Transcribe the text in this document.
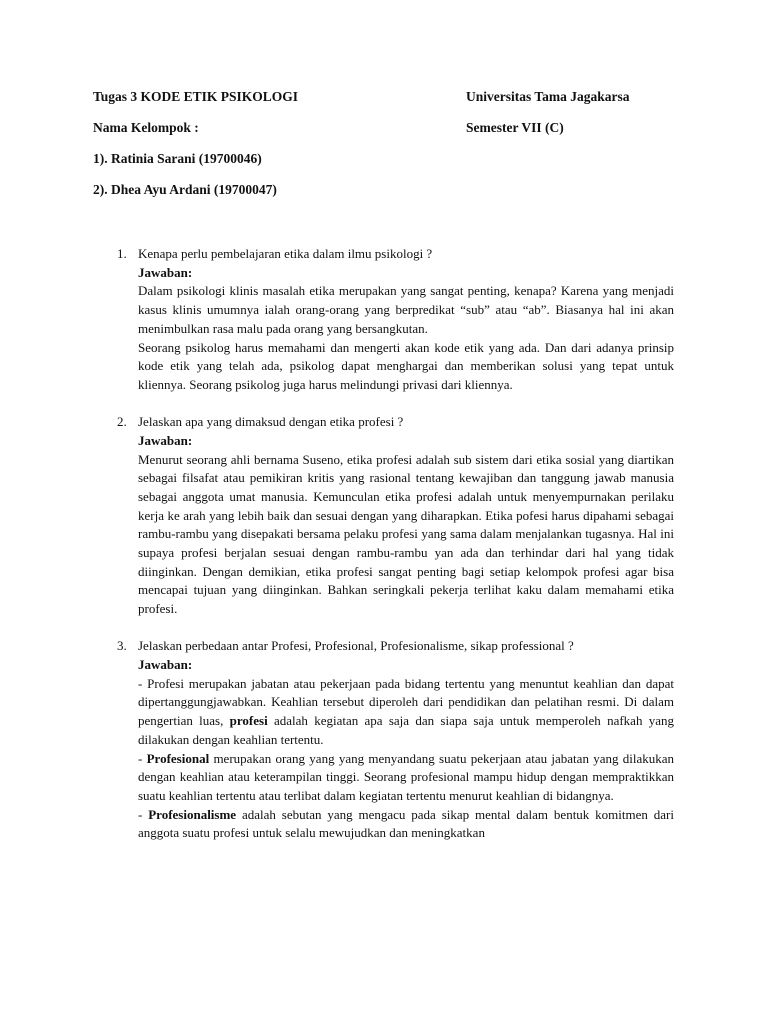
Tugas 3 KODE ETIK PSIKOLOGI	Universitas Tama Jagakarsa
Nama Kelompok :	Semester VII (C)
1). Ratinia Sarani (19700046)
2). Dhea Ayu Ardani (19700047)
1. Kenapa perlu pembelajaran etika dalam ilmu psikologi ?
Jawaban:
Dalam psikologi klinis masalah etika merupakan yang sangat penting, kenapa? Karena yang menjadi kasus klinis umumnya ialah orang-orang yang berpredikat “sub” atau “ab”. Biasanya hal ini akan menimbulkan rasa malu pada orang yang bersangkutan.
Seorang psikolog harus memahami dan mengerti akan kode etik yang ada. Dan dari adanya prinsip kode etik yang telah ada, psikolog dapat menghargai dan memberikan solusi yang tepat untuk kliennya. Seorang psikolog juga harus melindungi privasi dari kliennya.
2. Jelaskan apa yang dimaksud dengan etika profesi ?
Jawaban:
Menurut seorang ahli bernama Suseno, etika profesi adalah sub sistem dari etika sosial yang diartikan sebagai filsafat atau pemikiran kritis yang rasional tentang kewajiban dan tanggung jawab manusia sebagai anggota umat manusia. Kemunculan etika profesi adalah untuk menyempurnakan perilaku kerja ke arah yang lebih baik dan sesuai dengan yang diharapkan. Etika pofesi harus dipahami sebagai rambu-rambu yang disepakati bersama pelaku profesi yang sama dalam menjalankan tugasnya. Hal ini supaya profesi berjalan sesuai dengan rambu-rambu yan ada dan terhindar dari hal yang tidak diinginkan. Dengan demikian, etika profesi sangat penting bagi setiap kelompok profesi agar bisa mencapai tujuan yang diinginkan. Bahkan seringkali pekerja terlihat kaku dalam memahami etika profesi.
3. Jelaskan perbedaan antar Profesi, Profesional, Profesionalisme, sikap professional ?
Jawaban:
- Profesi merupakan jabatan atau pekerjaan pada bidang tertentu yang menuntut keahlian dan dapat dipertanggungjawabkan. Keahlian tersebut diperoleh dari pendidikan dan pelatihan resmi. Di dalam pengertian luas, profesi adalah kegiatan apa saja dan siapa saja untuk memperoleh nafkah yang dilakukan dengan keahlian tertentu.
- Profesional merupakan orang yang yang menyandang suatu pekerjaan atau jabatan yang dilakukan dengan keahlian atau keterampilan tinggi. Seorang profesional mampu hidup dengan mempraktikkan suatu keahlian tertentu atau terlibat dalam kegiatan tertentu menurut keahlian di bidangnya.
- Profesionalisme adalah sebutan yang mengacu pada sikap mental dalam bentuk komitmen dari anggota suatu profesi untuk selalu mewujudkan dan meningkatkan
